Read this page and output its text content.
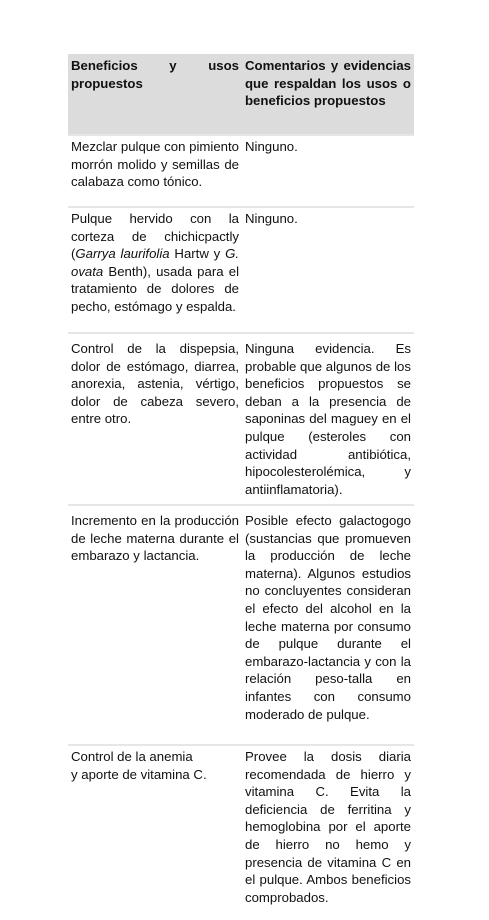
Beneficios y usos propuestos
Comentarios y evidencias que respaldan los usos o beneficios propuestos
Mezclar pulque con pimiento morrón molido y semillas de calabaza como tónico.
Ninguno.
Pulque hervido con la corteza de chichicpactly (Garrya laurifolia Hartw y G. ovata Benth), usada para el tratamiento de dolores de pecho, estómago y espalda.
Ninguno.
Control de la dispepsia, dolor de estómago, diarrea, anorexia, astenia, vértigo, dolor de cabeza severo, entre otro.
Ninguna evidencia. Es probable que algunos de los beneficios propuestos se deban a la presencia de saponinas del maguey en el pulque (esteroles con actividad antibiótica, hipocolesterolémica, y antiinflamatoria).
Incremento en la producción de leche materna durante el embarazo y lactancia.
Posible efecto galactogogo (sustancias que promueven la producción de leche materna). Algunos estudios no concluyentes consideran el efecto del alcohol en la leche materna por consumo de pulque durante el embarazo-lactancia y con la relación peso-talla en infantes con consumo moderado de pulque.
Control de la anemia
y aporte de vitamina C.
Provee la dosis diaria recomendada de hierro y vitamina C. Evita la deficiencia de ferritina y hemoglobina por el aporte de hierro no hemo y presencia de vitamina C en el pulque. Ambos beneficios comprobados.
